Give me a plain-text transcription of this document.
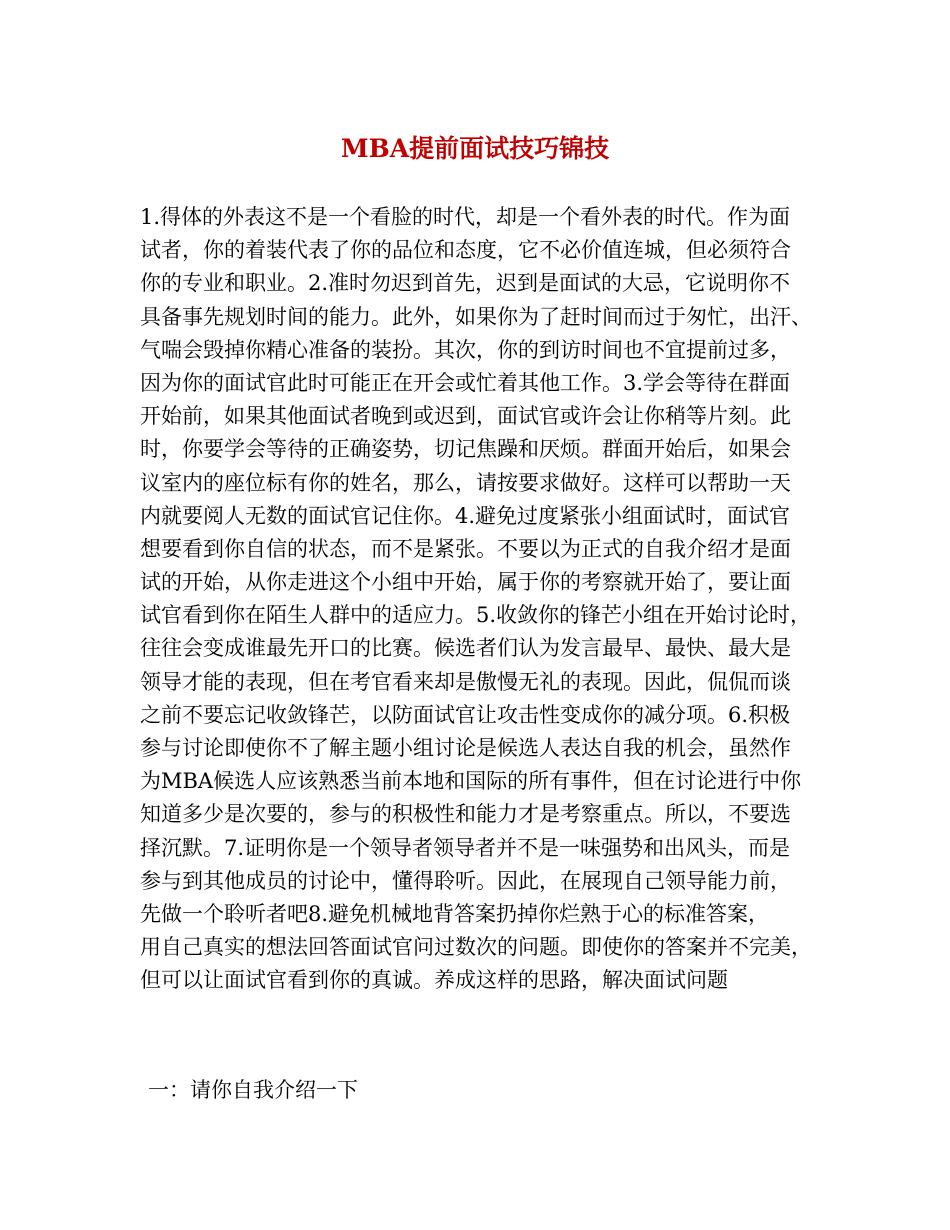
MBA提前面试技巧锦技
1.得体的外表这不是一个看脸的时代，却是一个看外表的时代。作为面
试者，你的着装代表了你的品位和态度，它不必价值连城，但必须符合
你的专业和职业。2.准时勿迟到首先，迟到是面试的大忌，它说明你不
具备事先规划时间的能力。此外，如果你为了赶时间而过于匆忙，出汗、
气喘会毁掉你精心准备的装扮。其次，你的到访时间也不宜提前过多，
因为你的面试官此时可能正在开会或忙着其他工作。3.学会等待在群面
开始前，如果其他面试者晚到或迟到，面试官或许会让你稍等片刻。此
时，你要学会等待的正确姿势，切记焦躁和厌烦。群面开始后，如果会
议室内的座位标有你的姓名，那么，请按要求做好。这样可以帮助一天
内就要阅人无数的面试官记住你。4.避免过度紧张小组面试时，面试官
想要看到你自信的状态，而不是紧张。不要以为正式的自我介绍才是面
试的开始，从你走进这个小组中开始，属于你的考察就开始了，要让面
试官看到你在陌生人群中的适应力。5.收敛你的锋芒小组在开始讨论时，
往往会变成谁最先开口的比赛。候选者们认为发言最早、最快、最大是
领导才能的表现，但在考官看来却是傲慢无礼的表现。因此，侃侃而谈
之前不要忘记收敛锋芒，以防面试官让攻击性变成你的减分项。6.积极
参与讨论即使你不了解主题小组讨论是候选人表达自我的机会，虽然作
为MBA候选人应该熟悉当前本地和国际的所有事件，但在讨论进行中你
知道多少是次要的，参与的积极性和能力才是考察重点。所以，不要选
择沉默。7.证明你是一个领导者领导者并不是一味强势和出风头，而是
参与到其他成员的讨论中，懂得聆听。因此，在展现自己领导能力前，
先做一个聆听者吧8.避免机械地背答案扔掉你烂熟于心的标准答案，
用自己真实的想法回答面试官问过数次的问题。即使你的答案并不完美，
但可以让面试官看到你的真诚。养成这样的思路，解决面试问题
一：请你自我介绍一下
